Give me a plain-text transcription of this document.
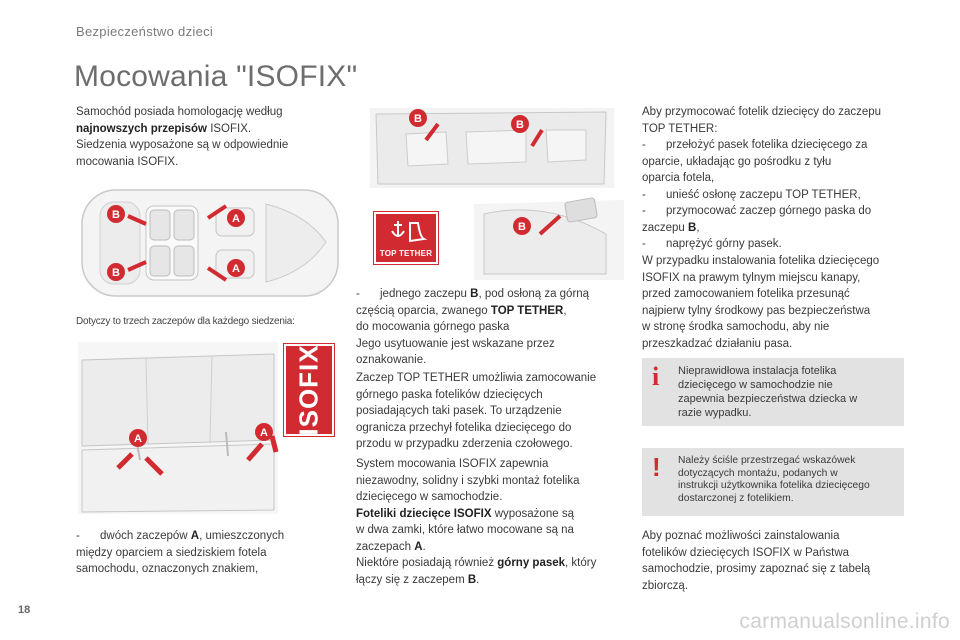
Bezpieczeństwo dzieci
Mocowania "ISOFIX"
Samochód posiada homologację według
najnowszych przepisów ISOFIX.
Siedzenia wyposażone są w odpowiednie
mocowania ISOFIX.
B
B
A
A
Dotyczy to trzech zaczepów dla każdego siedzenia:
A	A ISOFIX
- dwóch zaczepów A, umieszczonych
między oparciem a siedziskiem fotela
samochodu, oznaczonych znakiem,
B	B
B
TOP TETHER
- jednego zaczepu B, pod osłoną za górną
częścią oparcia, zwanego TOP TETHER,
do mocowania górnego paska
Jego usytuowanie jest wskazane przez
oznakowanie.
Zaczep TOP TETHER umożliwia zamocowanie
górnego paska fotelików dziecięcych
posiadających taki pasek. To urządzenie
ogranicza przechył fotelika dziecięcego do
przodu w przypadku zderzenia czołowego.
System mocowania ISOFIX zapewnia
niezawodny, solidny i szybki montaż fotelika
dziecięcego w samochodzie.
Foteliki dziecięce ISOFIX wyposażone są
w dwa zamki, które łatwo mocowane są na
zaczepach A.
Niektóre posiadają również górny pasek, który
łączy się z zaczepem B.
Aby przymocować fotelik dziecięcy do zaczepu
TOP TETHER:
- przełożyć pasek fotelika dziecięcego za
oparcie, układając go pośrodku z tyłu
oparcia fotela,
- unieść osłonę zaczepu TOP TETHER,
- przymocować zaczep górnego paska do
zaczepu B,
- naprężyć górny pasek.
W przypadku instalowania fotelika dziecięcego
ISOFIX na prawym tylnym miejscu kanapy,
przed zamocowaniem fotelika przesunąć
najpierw tylny środkowy pas bezpieczeństwa
w stronę środka samochodu, aby nie
przeszkadzać działaniu pasa.
i Nieprawidłowa instalacja fotelika
dziecięcego w samochodzie nie
zapewnia bezpieczeństwa dziecka w
razie wypadku.
! Należy ściśle przestrzegać wskazówek
dotyczących montażu, podanych w
instrukcji użytkownika fotelika dziecięcego
dostarczonej z fotelikiem.
Aby poznać możliwości zainstalowania
fotelików dziecięcych ISOFIX w Państwa
samochodzie, prosimy zapoznać się z tabelą
zbiorczą.
18	carmanualsonline.info
